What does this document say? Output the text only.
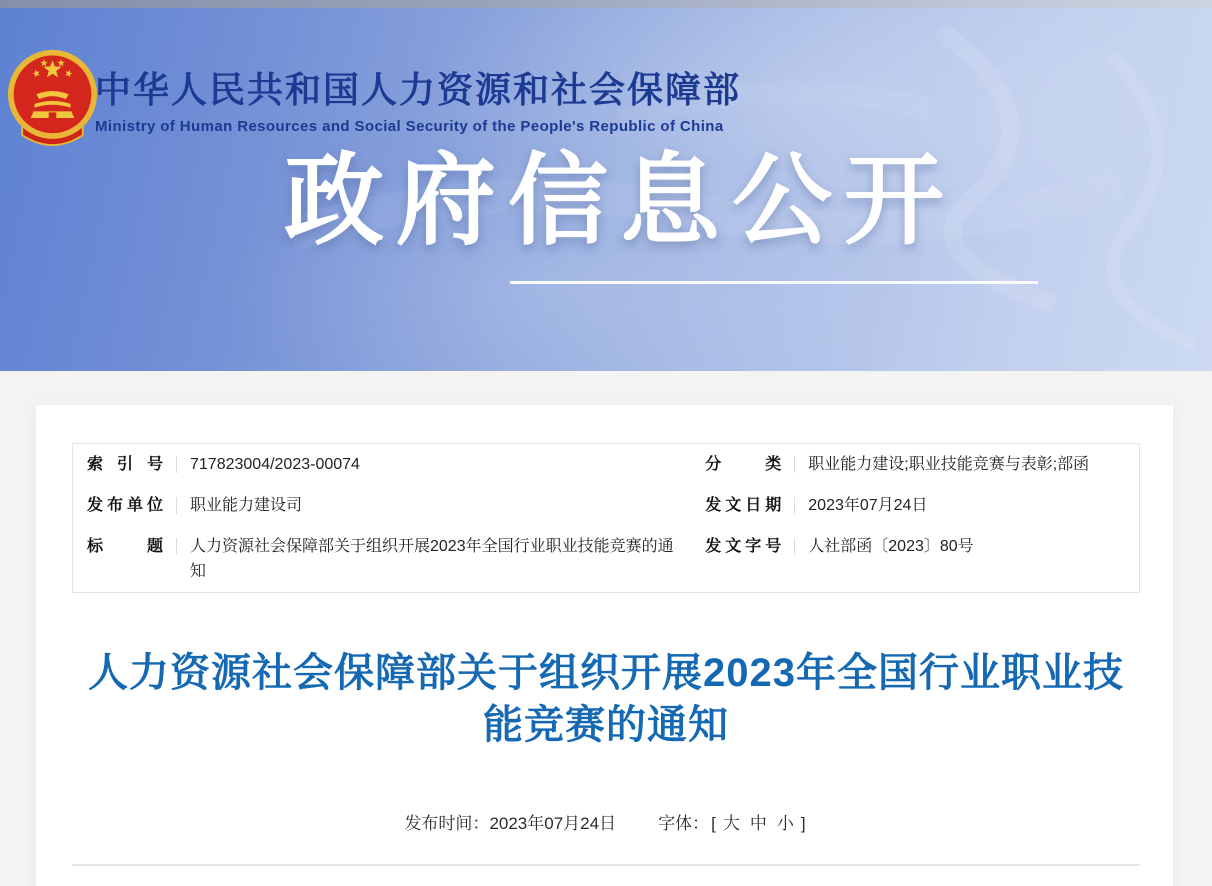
中华人民共和国人力资源和社会保障部
Ministry of Human Resources and Social Security of the People's Republic of China
政府信息公开
索引号 717823004/2023-00074	分类 职业能力建设;职业技能竞赛与表彰;部函
发布单位 职业能力建设司	发文日期 2023年07月24日
标题 人力资源社会保障部关于组织开展2023年全国行业职业技能竞赛的通知
发文字号 人社部函〔2023〕80号
人力资源社会保障部关于组织开展2023年全国行业职业技能竞赛的通知
发布时间：2023年07月24日 字体： [ 大 中 小 ]
